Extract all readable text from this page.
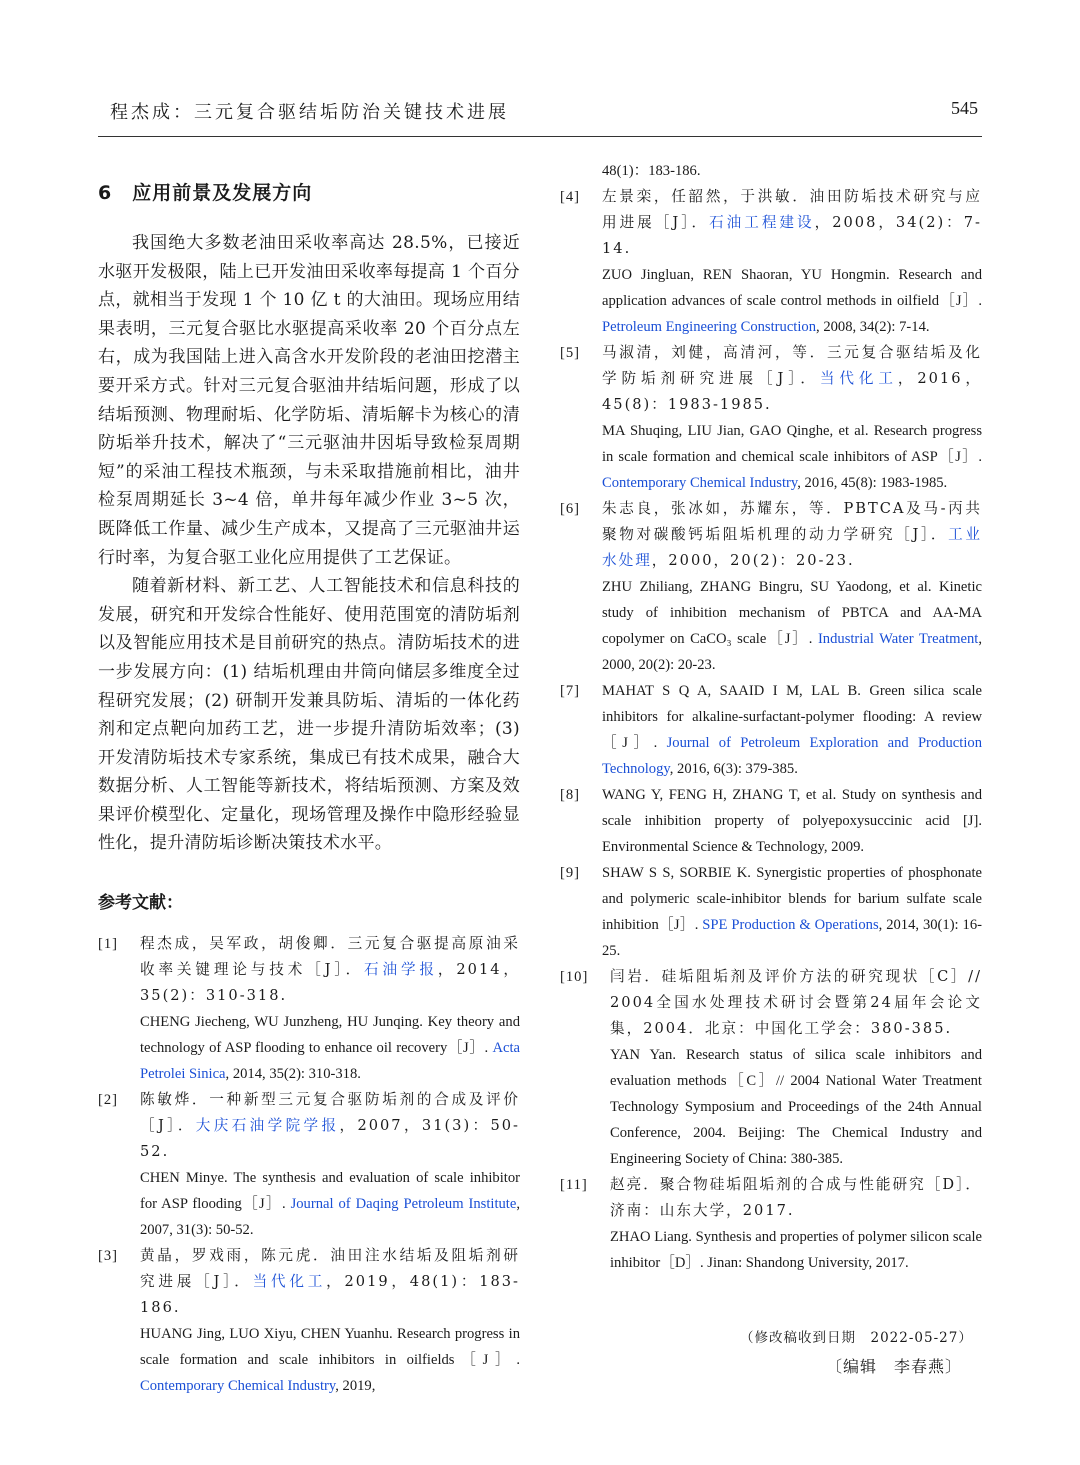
程杰成：三元复合驱结垢防治关键技术进展	545
6　应用前景及发展方向

我国绝大多数老油田采收率高达 28.5%，已接近水驱开发极限，陆上已开发油田采收率每提高 1 个百分点，就相当于发现 1 个 10 亿 t 的大油田。现场应用结果表明，三元复合驱比水驱提高采收率 20 个百分点左右，成为我国陆上进入高含水开发阶段的老油田挖潜主要开采方式。针对三元复合驱油井结垢问题，形成了以结垢预测、物理耐垢、化学防垢、清垢解卡为核心的清防垢举升技术，解决了“三元驱油井因垢导致检泵周期短”的采油工程技术瓶颈，与未采取措施前相比，油井检泵周期延长 3~4 倍，单井每年减少作业 3~5 次，既降低工作量、减少生产成本，又提高了三元驱油井运行时率，为复合驱工业化应用提供了工艺保证。

随着新材料、新工艺、人工智能技术和信息科技的发展，研究和开发综合性能好、使用范围宽的清防垢剂以及智能应用技术是目前研究的热点。清防垢技术的进一步发展方向：(1) 结垢机理由井筒向储层多维度全过程研究发展；(2) 研制开发兼具防垢、清垢的一体化药剂和定点靶向加药工艺，进一步提升清防垢效率；(3) 开发清防垢技术专家系统，集成已有技术成果，融合大数据分析、人工智能等新技术，将结垢预测、方案及效果评价模型化、定量化，现场管理及操作中隐形经验显性化，提升清防垢诊断决策技术水平。

参考文献：
[1] 程杰成，吴军政，胡俊卿．三元复合驱提高原油采收率关键理论与技术［J］．石油学报，2014，35(2)：310-318.
CHENG Jiecheng, WU Junzheng, HU Junqing. Key theory and technology of ASP flooding to enhance oil recovery［J］. Acta Petrolei Sinica, 2014, 35(2): 310-318.
[2] 陈敏烨．一种新型三元复合驱防垢剂的合成及评价［J］．大庆石油学院学报，2007，31(3)：50-52.
CHEN Minye. The synthesis and evaluation of scale inhibitor for ASP flooding［J］. Journal of Daqing Petroleum Institute, 2007, 31(3): 50-52.
[3] 黄晶，罗戏雨，陈元虎．油田注水结垢及阻垢剂研究进展［J］．当代化工，2019，48(1)：183-186.
HUANG Jing, LUO Xiyu, CHEN Yuanhu. Research progress in scale formation and scale inhibitors in oilfields［J］. Contemporary Chemical Industry, 2019,
48(1)：183-186.
[4] 左景栾，任韶然，于洪敏．油田防垢技术研究与应用进展［J］．石油工程建设，2008，34(2)：7-14.
ZUO Jingluan, REN Shaoran, YU Hongmin. Research and application advances of scale control methods in oilfield［J］. Petroleum Engineering Construction, 2008, 34(2): 7-14.
[5] 马淑清，刘健，高清河，等．三元复合驱结垢及化学防垢剂研究进展［J］．当代化工，2016，45(8)：1983-1985.
MA Shuqing, LIU Jian, GAO Qinghe, et al. Research progress in scale formation and chemical scale inhibitors of ASP［J］. Contemporary Chemical Industry, 2016, 45(8): 1983-1985.
[6] 朱志良，张冰如，苏耀东，等．PBTCA及马-丙共聚物对碳酸钙垢阻垢机理的动力学研究［J］．工业水处理，2000，20(2)：20-23.
ZHU Zhiliang, ZHANG Bingru, SU Yaodong, et al. Kinetic study of inhibition mechanism of PBTCA and AA-MA copolymer on CaCO₃ scale［J］. Industrial Water Treatment, 2000, 20(2): 20-23.
[7] MAHAT S Q A, SAAID I M, LAL B. Green silica scale inhibitors for alkaline-surfactant-polymer flooding: A review［J］. Journal of Petroleum Exploration and Production Technology, 2016, 6(3): 379-385.
[8] WANG Y, FENG H, ZHANG T, et al. Study on synthesis and scale inhibition property of polyepoxysuccinic acid [J]. Environmental Science & Technology, 2009.
[9] SHAW S S, SORBIE K. Synergistic properties of phosphonate and polymeric scale-inhibitor blends for barium sulfate scale inhibition［J］. SPE Production & Operations, 2014, 30(1): 16-25.
[10] 闫岩．硅垢阻垢剂及评价方法的研究现状［C］// 2004全国水处理技术研讨会暨第24届年会论文集，2004．北京：中国化工学会：380-385.
YAN Yan. Research status of silica scale inhibitors and evaluation methods［C］// 2004 National Water Treatment Technology Symposium and Proceedings of the 24th Annual Conference, 2004. Beijing: The Chemical Industry and Engineering Society of China: 380-385.
[11] 赵亮．聚合物硅垢阻垢剂的合成与性能研究［D］．济南：山东大学，2017.
ZHAO Liang. Synthesis and properties of polymer silicon scale inhibitor［D］. Jinan: Shandong University, 2017.
（修改稿收到日期　2022-05-27）
〔编辑　李春燕〕
